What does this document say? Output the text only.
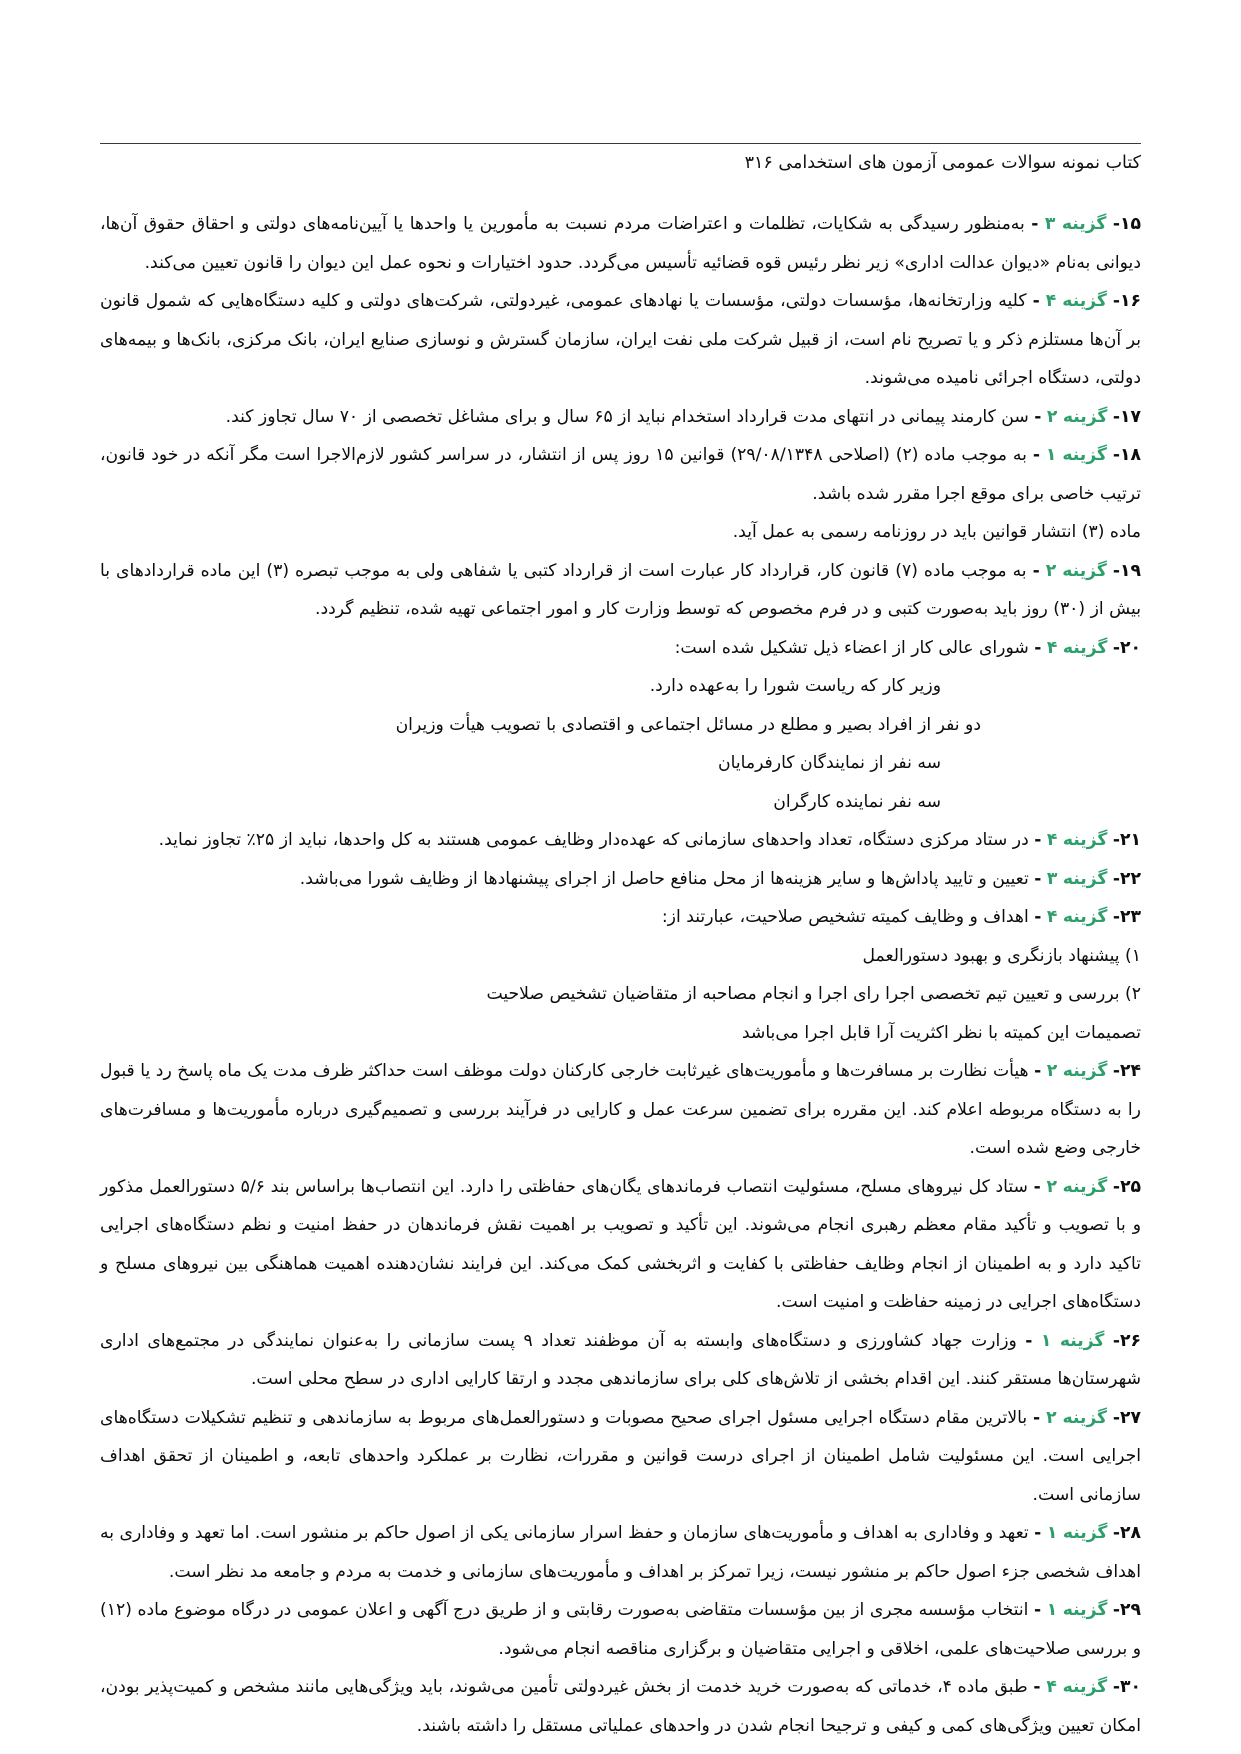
کتاب نمونه سوالات عمومی آزمون های استخدامی ۳۱۶

۱۵- گزینه ۳ - به‌منظور رسیدگی به شکایات، تظلمات و اعتراضات مردم نسبت به مأمورین یا واحدها یا آیین‌نامه‌های دولتی و احقاق حقوق آن‌ها، دیوانی به‌نام «دیوان عدالت اداری» زیر نظر رئیس قوه قضائیه تأسیس می‌گردد. حدود اختیارات و نحوه عمل این دیوان را قانون تعیین می‌کند.

۱۶- گزینه ۴ - کلیه وزارتخانه‌ها، مؤسسات دولتی، مؤسسات یا نهادهای عمومی، غیردولتی، شرکت‌های دولتی و کلیه دستگاه‌هایی که شمول قانون بر آن‌ها مستلزم ذکر و یا تصریح نام است، از قبیل شرکت ملی نفت ایران، سازمان گسترش و نوسازی صنایع ایران، بانک مرکزی، بانک‌ها و بیمه‌های دولتی، دستگاه اجرائی نامیده می‌شوند.

۱۷- گزینه ۲ - سن کارمند پیمانی در انتهای مدت قرارداد استخدام نباید از ۶۵ سال و برای مشاغل تخصصی از ۷۰ سال تجاوز کند.

۱۸- گزینه ۱ - به موجب ماده (۲) (اصلاحی ۲۹/۰۸/۱۳۴۸) قوانین ۱۵ روز پس از انتشار، در سراسر کشور لازم‌الاجرا است مگر آنکه در خود قانون، ترتیب خاصی برای موقع اجرا مقرر شده باشد.

ماده (۳) انتشار قوانین باید در روزنامه رسمی به عمل آید.

۱۹- گزینه ۲ - به موجب ماده (۷) قانون کار، قرارداد کار عبارت است از قرارداد کتبی یا شفاهی ولی به موجب تبصره (۳) این ماده قراردادهای با بیش از (۳۰) روز باید به‌صورت کتبی و در فرم مخصوص که توسط وزارت کار و امور اجتماعی تهیه شده، تنظیم گردد.

۲۰- گزینه ۴ - شورای عالی کار از اعضاء ذیل تشکیل شده است:

وزیر کار که ریاست شورا را به‌عهده دارد.

دو نفر از افراد بصیر و مطلع در مسائل اجتماعی و اقتصادی با تصویب هیأت وزیران

سه نفر از نمایندگان کارفرمایان

سه نفر نماینده کارگران

۲۱- گزینه ۴ - در ستاد مرکزی دستگاه، تعداد واحدهای سازمانی که عهده‌دار وظایف عمومی هستند به کل واحدها، نباید از ۲۵٪ تجاوز نماید.

۲۲- گزینه ۳ - تعیین و تایید پاداش‌ها و سایر هزینه‌ها از محل منافع حاصل از اجرای پیشنهادها از وظایف شورا می‌باشد.

۲۳- گزینه ۴ - اهداف و وظایف کمیته تشخیص صلاحیت، عبارتند از:

۱) پیشنهاد بازنگری و بهبود دستورالعمل

۲) بررسی و تعیین تیم تخصصی اجرا رای اجرا و انجام مصاحبه از متقاضیان تشخیص صلاحیت

تصمیمات این کمیته با نظر اکثریت آرا قابل اجرا می‌باشد

۲۴- گزینه ۲ - هیأت نظارت بر مسافرت‌ها و مأموریت‌های غیرثابت خارجی کارکنان دولت موظف است حداکثر ظرف مدت یک ماه پاسخ رد یا قبول را به دستگاه مربوطه اعلام کند. این مقرره برای تضمین سرعت عمل و کارایی در فرآیند بررسی و تصمیم‌گیری درباره مأموریت‌ها و مسافرت‌های خارجی وضع شده است.

۲۵- گزینه ۲ - ستاد کل نیروهای مسلح، مسئولیت انتصاب فرماندهای یگان‌های حفاظتی را دارد. این انتصاب‌ها براساس بند ۵/۶ دستورالعمل مذکور و با تصویب و تأکید مقام معظم رهبری انجام می‌شوند. این تأکید و تصویب بر اهمیت نقش فرماندهان در حفظ امنیت و نظم دستگاه‌های اجرایی تاکید دارد و به اطمینان از انجام وظایف حفاظتی با کفایت و اثربخشی کمک می‌کند. این فرایند نشان‌دهنده اهمیت هماهنگی بین نیروهای مسلح و دستگاه‌های اجرایی در زمینه حفاظت و امنیت است.

۲۶- گزینه ۱ - وزارت جهاد کشاورزی و دستگاه‌های وابسته به آن موظفند تعداد ۹ پست سازمانی را به‌عنوان نمایندگی در مجتمع‌های اداری شهرستان‌ها مستقر کنند. این اقدام بخشی از تلاش‌های کلی برای سازماندهی مجدد و ارتقا کارایی اداری در سطح محلی است.

۲۷- گزینه ۲ - بالاترین مقام دستگاه اجرایی مسئول اجرای صحیح مصوبات و دستورالعمل‌های مربوط به سازماندهی و تنظیم تشکیلات دستگاه‌های اجرایی است. این مسئولیت شامل اطمینان از اجرای درست قوانین و مقررات، نظارت بر عملکرد واحدهای تابعه، و اطمینان از تحقق اهداف سازمانی است.

۲۸- گزینه ۱ - تعهد و وفاداری به اهداف و مأموریت‌های سازمان و حفظ اسرار سازمانی یکی از اصول حاکم بر منشور است. اما تعهد و وفاداری به اهداف شخصی جزء اصول حاکم بر منشور نیست، زیرا تمرکز بر اهداف و مأموریت‌های سازمانی و خدمت به مردم و جامعه مد نظر است.

۲۹- گزینه ۱ - انتخاب مؤسسه مجری از بین مؤسسات متقاضی به‌صورت رقابتی و از طریق درج آگهی و اعلان عمومی در درگاه موضوع ماده (۱۲) و بررسی صلاحیت‌های علمی، اخلاقی و اجرایی متقاضیان و برگزاری مناقصه انجام می‌شود.

۳۰- گزینه ۴ - طبق ماده ۴، خدماتی که به‌صورت خرید خدمت از بخش غیردولتی تأمین می‌شوند، باید ویژگی‌هایی مانند مشخص و کمیت‌پذیر بودن، امکان تعیین ویژگی‌های کمی و کیفی و ترجیحا انجام شدن در واحدهای عملیاتی مستقل را داشته باشند.
